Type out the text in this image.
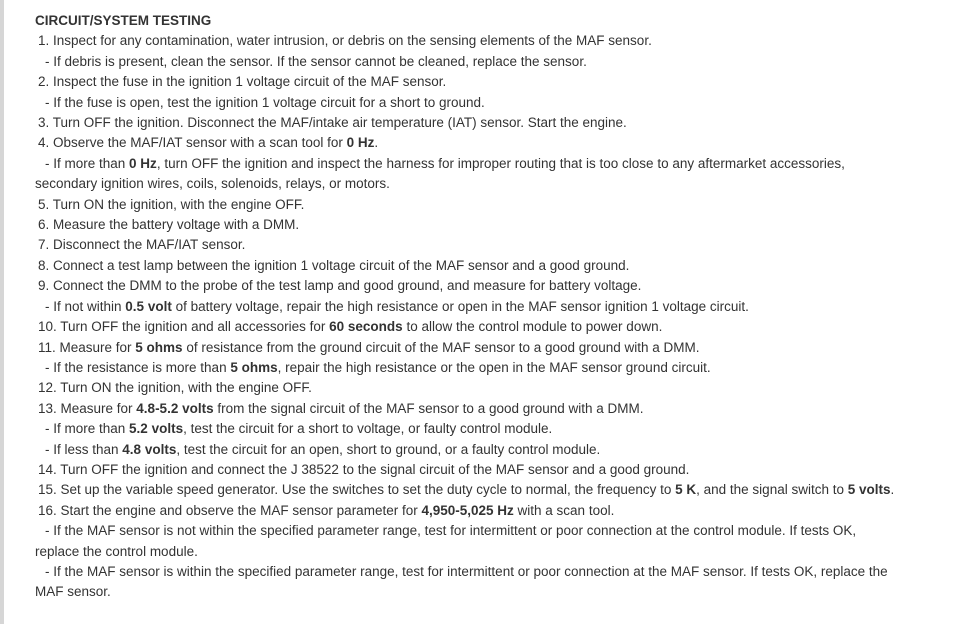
CIRCUIT/SYSTEM TESTING
1. Inspect for any contamination, water intrusion, or debris on the sensing elements of the MAF sensor.
- If debris is present, clean the sensor. If the sensor cannot be cleaned, replace the sensor.
2. Inspect the fuse in the ignition 1 voltage circuit of the MAF sensor.
- If the fuse is open, test the ignition 1 voltage circuit for a short to ground.
3. Turn OFF the ignition. Disconnect the MAF/intake air temperature (IAT) sensor. Start the engine.
4. Observe the MAF/IAT sensor with a scan tool for 0 Hz.
- If more than 0 Hz, turn OFF the ignition and inspect the harness for improper routing that is too close to any aftermarket accessories,
secondary ignition wires, coils, solenoids, relays, or motors.
5. Turn ON the ignition, with the engine OFF.
6. Measure the battery voltage with a DMM.
7. Disconnect the MAF/IAT sensor.
8. Connect a test lamp between the ignition 1 voltage circuit of the MAF sensor and a good ground.
9. Connect the DMM to the probe of the test lamp and good ground, and measure for battery voltage.
- If not within 0.5 volt of battery voltage, repair the high resistance or open in the MAF sensor ignition 1 voltage circuit.
10. Turn OFF the ignition and all accessories for 60 seconds to allow the control module to power down.
11. Measure for 5 ohms of resistance from the ground circuit of the MAF sensor to a good ground with a DMM.
- If the resistance is more than 5 ohms, repair the high resistance or the open in the MAF sensor ground circuit.
12. Turn ON the ignition, with the engine OFF.
13. Measure for 4.8-5.2 volts from the signal circuit of the MAF sensor to a good ground with a DMM.
- If more than 5.2 volts, test the circuit for a short to voltage, or faulty control module.
- If less than 4.8 volts, test the circuit for an open, short to ground, or a faulty control module.
14. Turn OFF the ignition and connect the J 38522 to the signal circuit of the MAF sensor and a good ground.
15. Set up the variable speed generator. Use the switches to set the duty cycle to normal, the frequency to 5 K, and the signal switch to 5 volts.
16. Start the engine and observe the MAF sensor parameter for 4,950-5,025 Hz with a scan tool.
- If the MAF sensor is not within the specified parameter range, test for intermittent or poor connection at the control module. If tests OK,
replace the control module.
- If the MAF sensor is within the specified parameter range, test for intermittent or poor connection at the MAF sensor. If tests OK, replace the
MAF sensor.
